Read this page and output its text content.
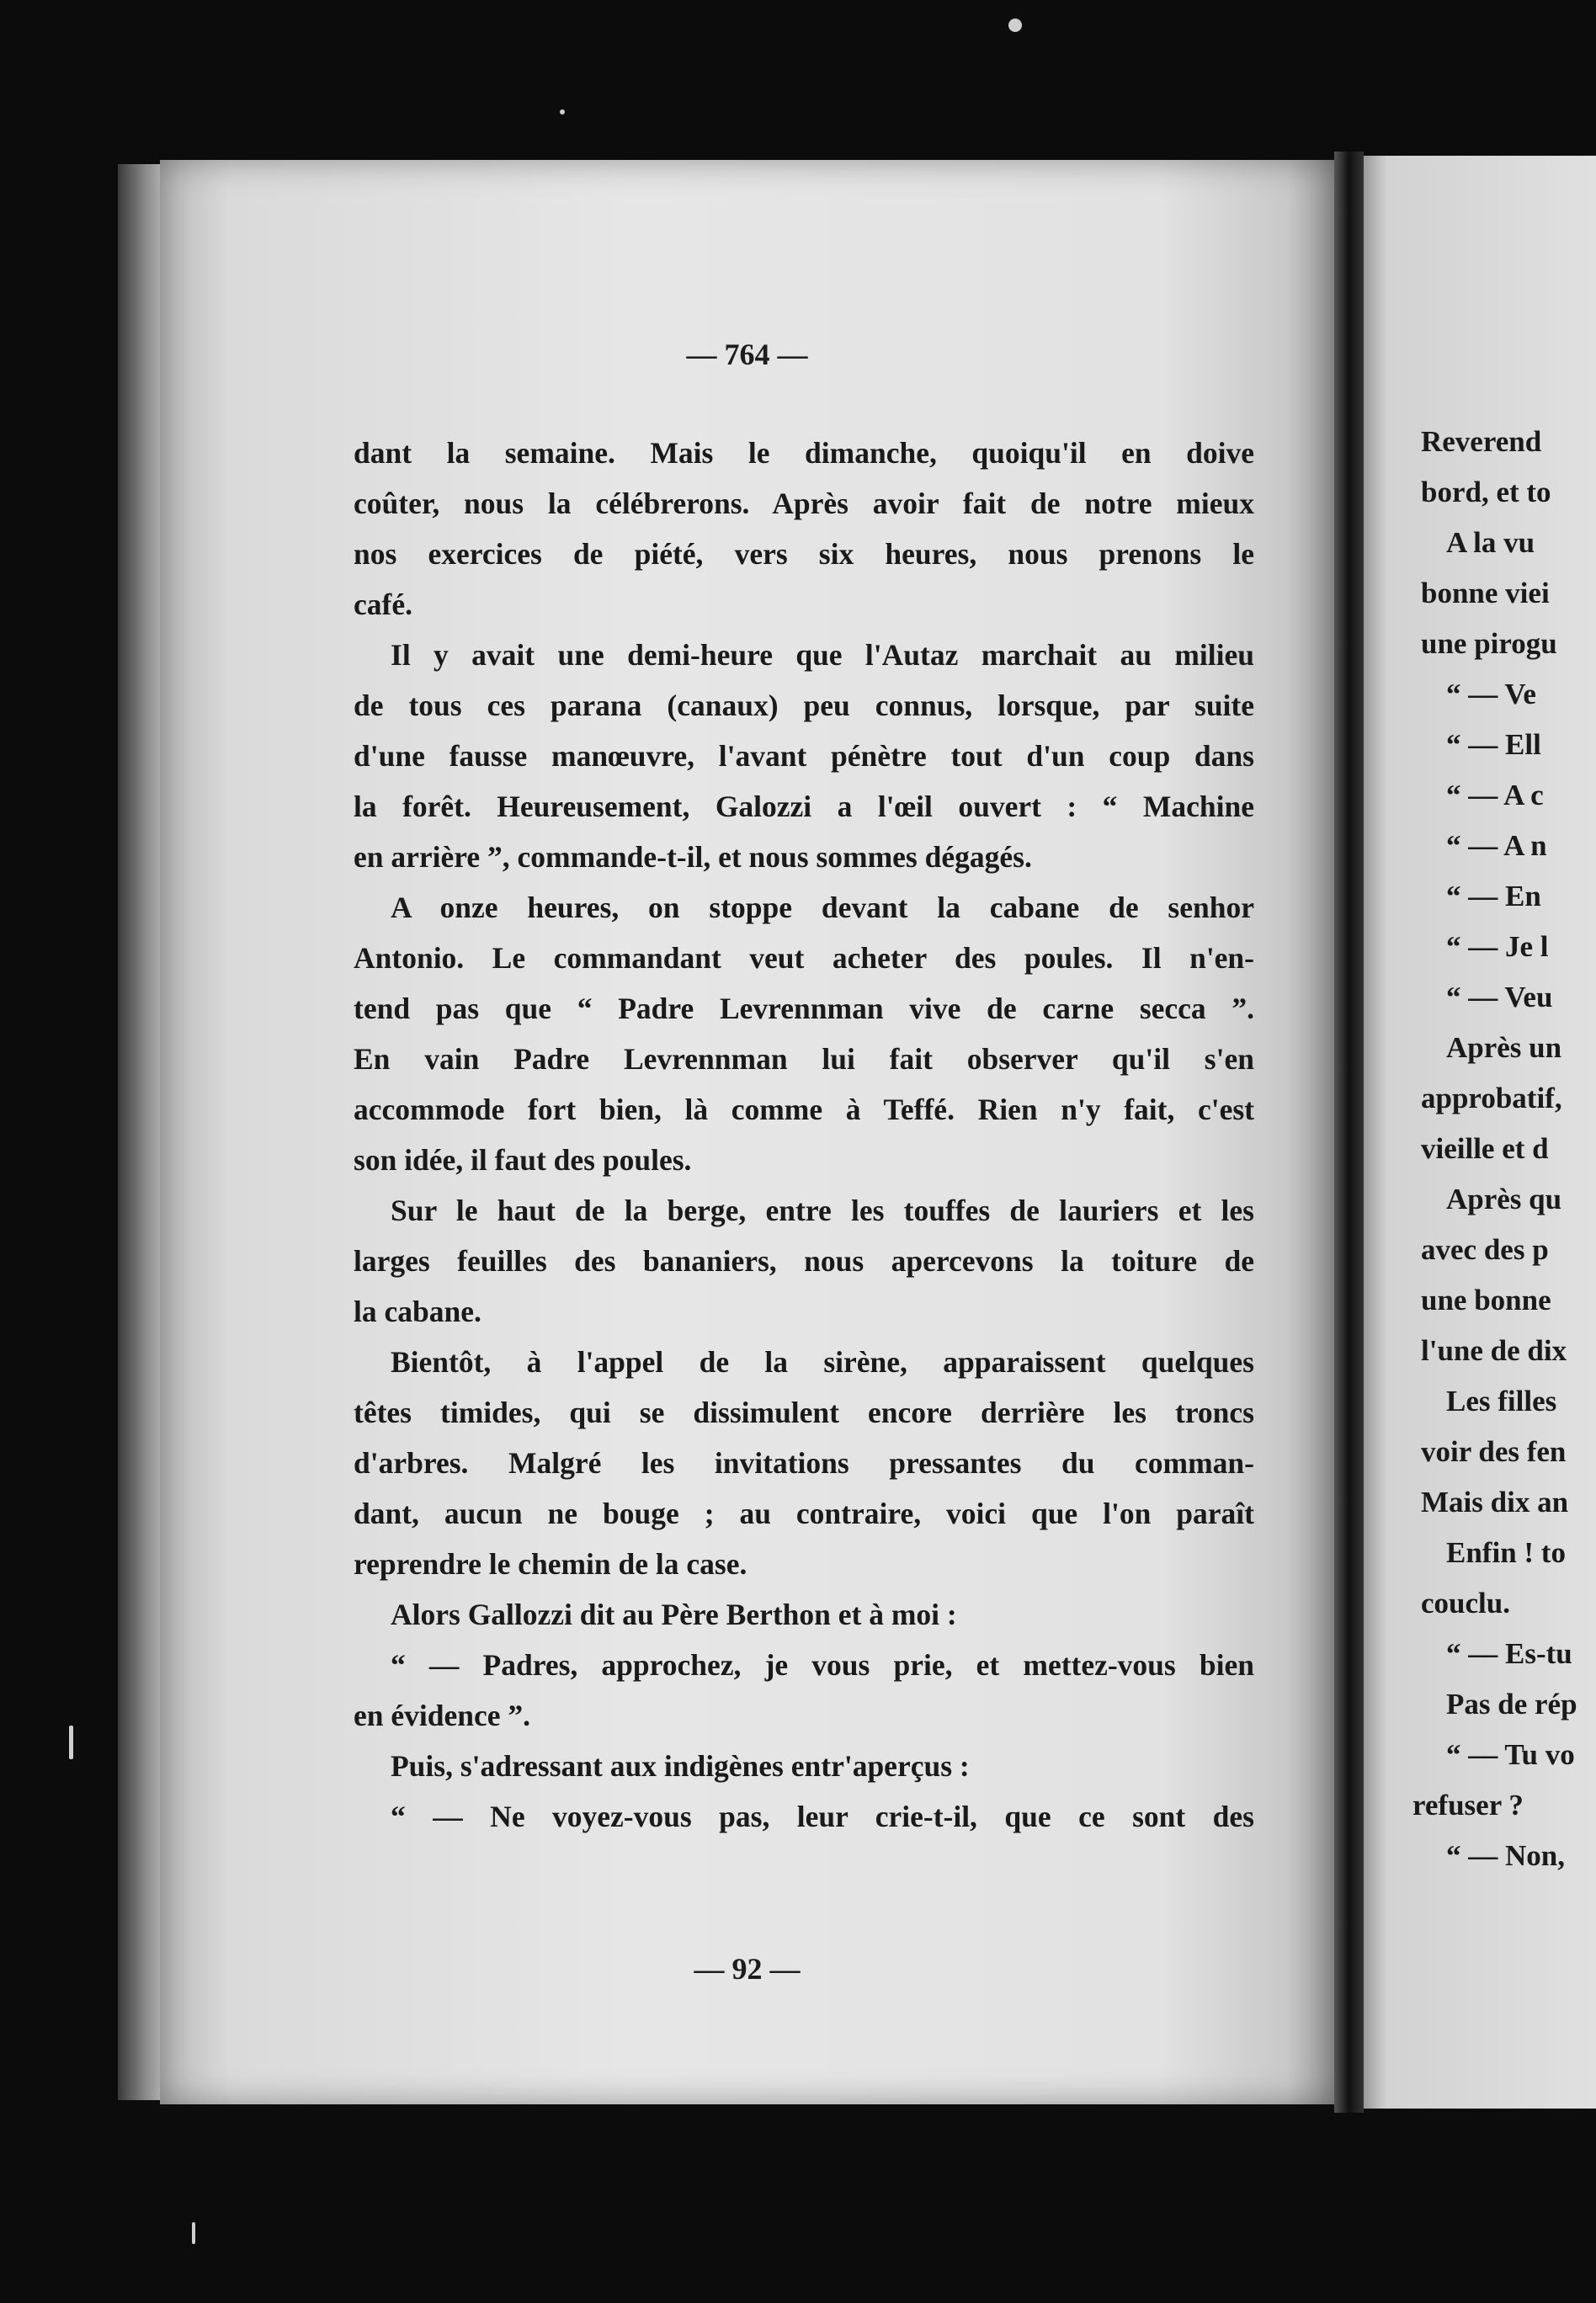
— 764 —

dant la semaine. Mais le dimanche, quoiqu'il en doive

coûter, nous la célébrerons. Après avoir fait de notre mieux

nos exercices de piété, vers six heures, nous prenons le

café.

Il y avait une demi-heure que l'Autaz marchait au milieu

de tous ces parana (canaux) peu connus, lorsque, par suite

d'une fausse manœuvre, l'avant pénètre tout d'un coup dans

la forêt. Heureusement, Galozzi a l'œil ouvert : “ Machine

en arrière ”, commande-t-il, et nous sommes dégagés.

A onze heures, on stoppe devant la cabane de senhor

Antonio. Le commandant veut acheter des poules. Il n'en-

tend pas que “ Padre Levrennman vive de carne secca ”.

En vain Padre Levrennman lui fait observer qu'il s'en

accommode fort bien, là comme à Teffé. Rien n'y fait, c'est

son idée, il faut des poules.

Sur le haut de la berge, entre les touffes de lauriers et les

larges feuilles des bananiers, nous apercevons la toiture de

la cabane.

Bientôt, à l'appel de la sirène, apparaissent quelques

têtes timides, qui se dissimulent encore derrière les troncs

d'arbres. Malgré les invitations pressantes du comman-

dant, aucun ne bouge ; au contraire, voici que l'on paraît

reprendre le chemin de la case.

Alors Gallozzi dit au Père Berthon et à moi :

“ — Padres, approchez, je vous prie, et mettez-vous bien

en évidence ”.

Puis, s'adressant aux indigènes entr'aperçus :

“ — Ne voyez-vous pas, leur crie-t-il, que ce sont des

— 92 —

Reverend

bord, et to

A la vu

bonne viei

une pirogu

“ — Ve

“ — Ell

“ — A c

“ — A n

“ — En

“ — Je l

“ — Veu

Après un

approbatif,

vieille et d

Après qu

avec des p

une bonne

l'une de dix

Les filles

voir des fen

Mais dix an

Enfin ! to

couclu.

“ — Es-tu

Pas de rép

“ — Tu vo

refuser ?

“ — Non,
